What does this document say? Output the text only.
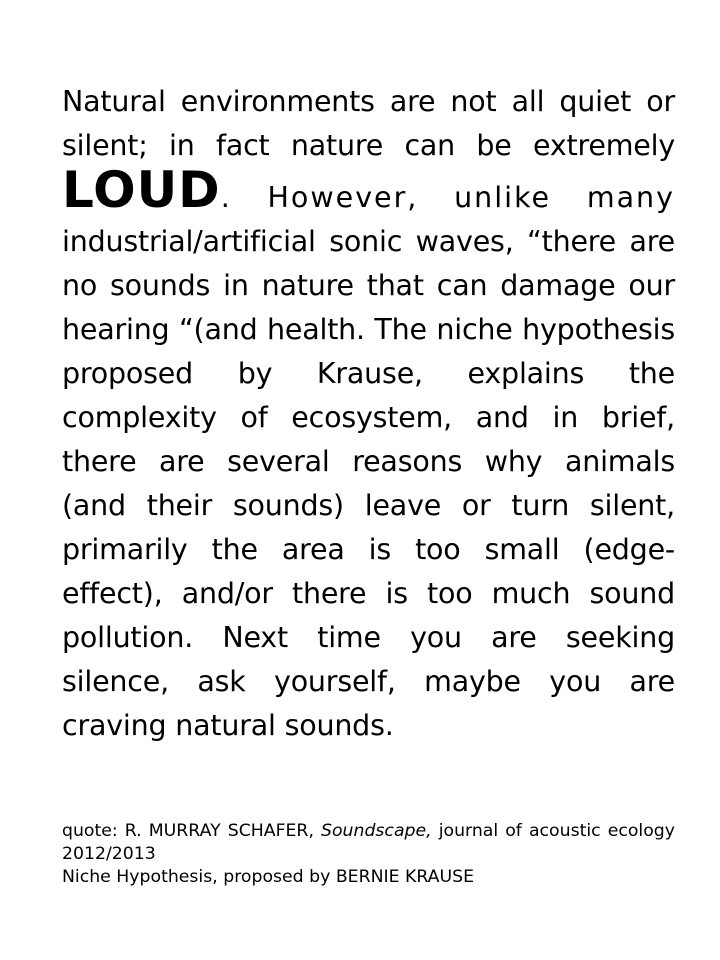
Natural environments are not all quiet or silent; in fact nature can be extremely LOUD. However, unlike many industrial/artificial sonic waves, “there are no sounds in nature that can damage our hearing “(and health. The niche hypothesis proposed by Krause, explains the complexity of ecosystem, and in brief, there are several reasons why animals (and their sounds) leave or turn silent, primarily the area is too small (edge-effect), and/or there is too much sound pollution. Next time you are seeking silence, ask yourself, maybe you are craving natural sounds.

quote: R. MURRAY SCHAFER, Soundscape, journal of acoustic ecology 2012/2013

Niche Hypothesis, proposed by BERNIE KRAUSE
